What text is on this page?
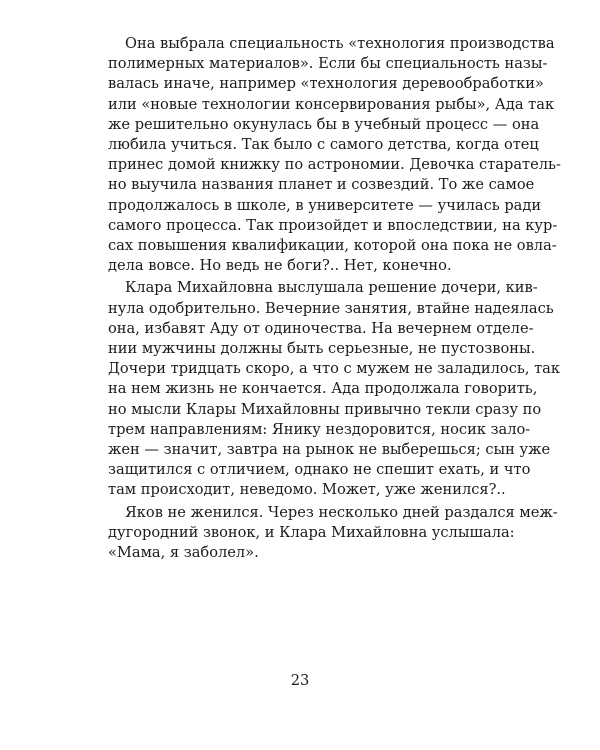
Она выбрала специальность «технология производства
полимерных материалов». Если бы специальность назы-
валась иначе, например «технология деревообработки»
или «новые технологии консервирования рыбы», Ада так
же решительно окунулась бы в учебный процесс — она
любила учиться. Так было с самого детства, когда отец
принес домой книжку по астрономии. Девочка старатель-
но выучила названия планет и созвездий. То же самое
продолжалось в школе, в университете — училась ради
самого процесса. Так произойдет и впоследствии, на кур-
сах повышения квалификации, которой она пока не овла-
дела вовсе. Но ведь не боги?.. Нет, конечно.

Клара Михайловна выслушала решение дочери, кив-
нула одобрительно. Вечерние занятия, втайне надеялась
она, избавят Аду от одиночества. На вечернем отделе-
нии мужчины должны быть серьезные, не пустозвоны.
Дочери тридцать скоро, а что с мужем не заладилось, так
на нем жизнь не кончается. Ада продолжала говорить,
но мысли Клары Михайловны привычно текли сразу по
трем направлениям: Янику нездоровится, носик зало-
жен — значит, завтра на рынок не выберешься; сын уже
защитился с отличием, однако не спешит ехать, и что
там происходит, неведомо. Может, уже женился?..

Яков не женился. Через несколько дней раздался меж-
дугородний звонок, и Клара Михайловна услышала:
«Мама, я заболел».

23
